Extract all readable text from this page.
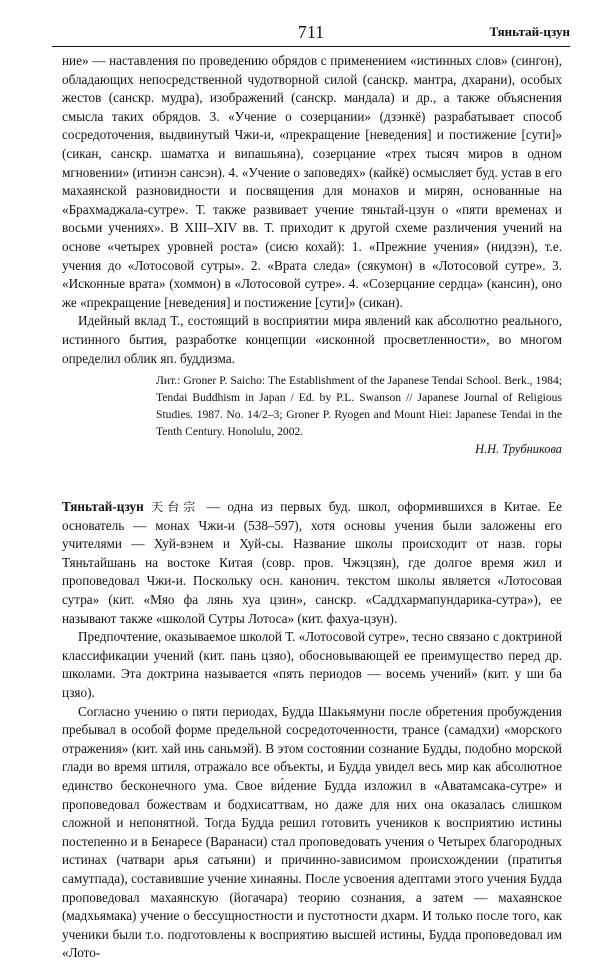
711	Тяньтай-цзун

ние» — наставления по проведению обрядов с применением «истинных слов» (сингон), обладающих непосредственной чудотворной силой (санскр. мантра, дхарани), особых жестов (санскр. мудра), изображений (санскр. мандала) и др., а также объяснения смысла таких обрядов. 3. «Учение о созерцании» (дзэнкё) разрабатывает способ сосредоточения, выдвинутый Чжи-и, «прекращение [неведения] и постижение [сути]» (сикан, санскр. шаматха и випашьяна), созерцание «трех тысяч миров в одном мгновении» (итинэн сансэн). 4. «Учение о заповедях» (кайкё) осмысляет буд. устав в его махаянской разновидности и посвящения для монахов и мирян, основанные на «Брахмаджала-сутре». Т. также развивает учение тяньтай-цзун о «пяти временах и восьми учениях». В XIII–XIV вв. Т. приходит к другой схеме различения учений на основе «четырех уровней роста» (сисю кохай): 1. «Прежние учения» (нидзэн), т.е. учения до «Лотосовой сутры». 2. «Врата следа» (сякумон) в «Лотосовой сутре». 3. «Исконные врата» (хоммон) в «Лотосовой сутре». 4. «Созерцание сердца» (кансин), оно же «прекращение [неведения] и постижение [сути]» (сикан).

Идейный вклад Т., состоящий в восприятии мира явлений как абсолютно реального, истинного бытия, разработке концепции «исконной просветленности», во многом определил облик яп. буддизма.

Лит.: Groner P. Saicho: The Establishment of the Japanese Tendai School. Berk., 1984; Tendai Buddhism in Japan / Ed. by P.L. Swanson // Japanese Journal of Religious Studies. 1987. No. 14/2–3; Groner P. Ryogen and Mount Hiei: Japanese Tendai in the Tenth Century. Honolulu, 2002.
Н.Н. Трубникова

Тяньтай-цзун 天台宗 — одна из первых буд. школ, оформившихся в Китае. Ее основатель — монах Чжи-и (538–597), хотя основы учения были заложены его учителями — Хуй-вэнем и Хуй-сы. Название школы происходит от назв. горы Тяньтайшань на востоке Китая (совр. пров. Чжэцзян), где долгое время жил и проповедовал Чжи-и. Поскольку осн. канонич. текстом школы является «Лотосовая сутра» (кит. «Мяо фа лянь хуа цзин», санскр. «Саддхармапундарика-сутра»), ее называют также «школой Сутры Лотоса» (кит. фахуа-цзун).

Предпочтение, оказываемое школой Т. «Лотосовой сутре», тесно связано с доктриной классификации учений (кит. пань цзяо), обосновывающей ее преимущество перед др. школами. Эта доктрина называется «пять периодов — восемь учений» (кит. у ши ба цзяо).

Согласно учению о пяти периодах, Будда Шакьямуни после обретения пробуждения пребывал в особой форме предельной сосредоточенности, трансе (самадхи) «морского отражения» (кит. хай инь саньмэй). В этом состоянии сознание Будды, подобно морской глади во время штиля, отражало все объекты, и Будда увидел весь мир как абсолютное единство бесконечного ума. Свое ви́дение Будда изложил в «Аватамсака-сутре» и проповедовал божествам и бодхисаттвам, но даже для них она оказалась слишком сложной и непонятной. Тогда Будда решил готовить учеников к восприятию истины постепенно и в Бенаресе (Варанаси) стал проповедовать учения о Четырех благородных истинах (чатвари арья сатьяни) и причинно-зависимом происхождении (пратитья самутпада), составившие учение хинаяны. После усвоения адептами этого учения Будда проповедовал махаянскую (йогачара) теорию сознания, а затем — махаянское (мадхьямака) учение о бессущностности и пустотности дхарм. И только после того, как ученики были т.о. подготовлены к восприятию высшей истины, Будда проповедовал им «Лото-
